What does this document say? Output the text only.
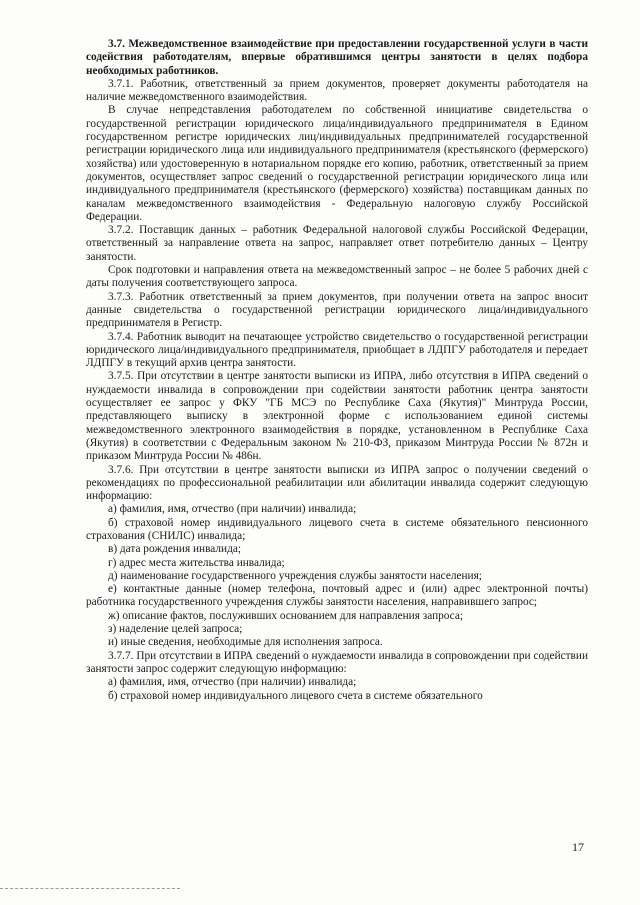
3.7. Межведомственное взаимодействие при предоставлении государственной услуги в части содействия работодателям, впервые обратившимся центры занятости в целях подбора необходимых работников.

3.7.1. Работник, ответственный за прием документов, проверяет документы работодателя на наличие межведомственного взаимодействия.

В случае непредставления работодателем по собственной инициативе свидетельства о государственной регистрации юридического лица/индивидуального предпринимателя в Едином государственном регистре юридических лиц/индивидуальных предпринимателей государственной регистрации юридического лица или индивидуального предпринимателя (крестьянского (фермерского) хозяйства) или удостоверенную в нотариальном порядке его копию, работник, ответственный за прием документов, осуществляет запрос сведений о государственной регистрации юридического лица или индивидуального предпринимателя (крестьянского (фермерского) хозяйства) поставщикам данных по каналам межведомственного взаимодействия - Федеральную налоговую службу Российской Федерации.

3.7.2. Поставщик данных – работник Федеральной налоговой службы Российской Федерации, ответственный за направление ответа на запрос, направляет ответ потребителю данных – Центру занятости.

Срок подготовки и направления ответа на межведомственный запрос – не более 5 рабочих дней с даты получения соответствующего запроса.

3.7.3. Работник ответственный за прием документов, при получении ответа на запрос вносит данные свидетельства о государственной регистрации юридического лица/индивидуального предпринимателя в Регистр.

3.7.4. Работник выводит на печатающее устройство свидетельство о государственной регистрации юридического лица/индивидуального предпринимателя, приобщает в ЛДПГУ работодателя и передает ЛДПГУ в текущий архив центра занятости.

3.7.5. При отсутствии в центре занятости выписки из ИПРА, либо отсутствия в ИПРА сведений о нуждаемости инвалида в сопровождении при содействии занятости работник центра занятости осуществляет ее запрос у ФКУ "ГБ МСЭ по Республике Саха (Якутия)" Минтруда России, представляющего выписку в электронной форме с использованием единой системы межведомственного электронного взаимодействия в порядке, установленном в Республике Саха (Якутия) в соответствии с Федеральным законом № 210-ФЗ, приказом Минтруда России № 872н и приказом Минтруда России № 486н.

3.7.6. При отсутствии в центре занятости выписки из ИПРА запрос о получении сведений о рекомендациях по профессиональной реабилитации или абилитации инвалида содержит следующую информацию:

а) фамилия, имя, отчество (при наличии) инвалида;

б) страховой номер индивидуального лицевого счета в системе обязательного пенсионного страхования (СНИЛС) инвалида;

в) дата рождения инвалида;

г) адрес места жительства инвалида;

д) наименование государственного учреждения службы занятости населения;

е) контактные данные (номер телефона, почтовый адрес и (или) адрес электронной почты) работника государственного учреждения службы занятости населения, направившего запрос;

ж) описание фактов, послуживших основанием для направления запроса;

з) наделение целей запроса;

и) иные сведения, необходимые для исполнения запроса.

3.7.7. При отсутствии в ИПРА сведений о нуждаемости инвалида в сопровождении при содействии занятости запрос содержит следующую информацию:

а) фамилия, имя, отчество (при наличии) инвалида;

б) страховой номер индивидуального лицевого счета в системе обязательного

17
